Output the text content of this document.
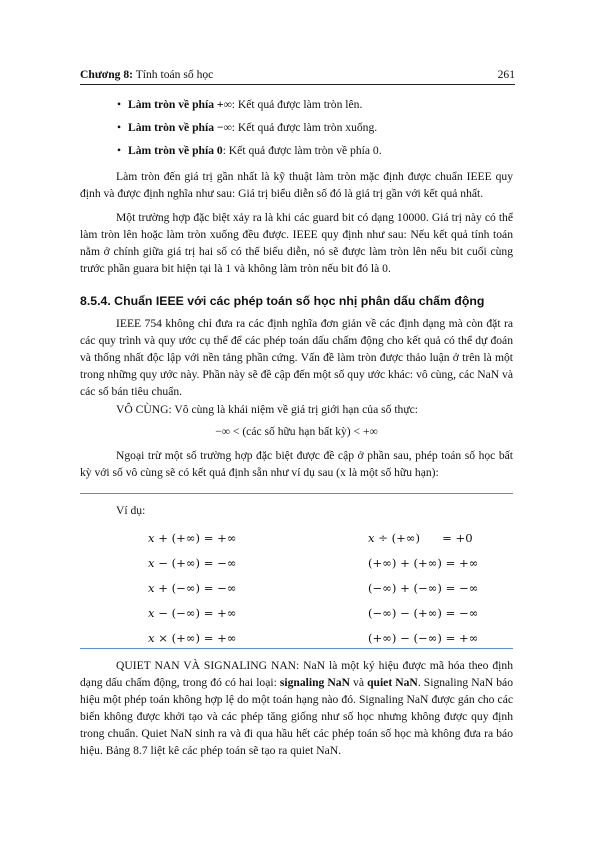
Chương 8: Tính toán số học	261
• Làm tròn về phía +∞: Kết quả được làm tròn lên.
• Làm tròn về phía −∞: Kết quả được làm tròn xuống.
• Làm tròn về phía 0: Kết quả được làm tròn về phía 0.

Làm tròn đến giá trị gần nhất là kỹ thuật làm tròn mặc định được chuẩn IEEE quy định và được định nghĩa như sau: Giá trị biểu diễn số đó là giá trị gần với kết quả nhất.

Một trường hợp đặc biệt xảy ra là khi các guard bit có dạng 10000. Giá trị này có thể làm tròn lên hoặc làm tròn xuống đều được. IEEE quy định như sau: Nếu kết quả tính toán nằm ở chính giữa giá trị hai số có thể biểu diễn, nó sẽ được làm tròn lên nếu bit cuối cùng trước phần guara bit hiện tại là 1 và không làm tròn nếu bit đó là 0.

8.5.4. Chuẩn IEEE với các phép toán số học nhị phân dấu chấm động

IEEE 754 không chỉ đưa ra các định nghĩa đơn giản về các định dạng mà còn đặt ra các quy trình và quy ước cụ thể để các phép toán dấu chấm động cho kết quả có thể dự đoán và thống nhất độc lập với nền tảng phần cứng. Vấn đề làm tròn được thảo luận ở trên là một trong những quy ước này. Phần này sẽ đề cập đến một số quy ước khác: vô cùng, các NaN và các số bán tiêu chuẩn.

VÔ CÙNG: Vô cùng là khái niệm về giá trị giới hạn của số thực:

−∞ < (các số hữu hạn bất kỳ) < +∞

Ngoại trừ một số trường hợp đặc biệt được đề cập ở phần sau, phép toán số học bất kỳ với số vô cùng sẽ có kết quả định sẵn như ví dụ sau (x là một số hữu hạn):

Ví dụ:
x + (+∞) = +∞
x − (+∞) = −∞
x + (−∞) = −∞
x − (−∞) = +∞
x × (+∞) = +∞
x ÷ (+∞)      = +0
(+∞) + (+∞) = +∞
(−∞) + (−∞) = −∞
(−∞) − (+∞) = −∞
(+∞) − (−∞) = +∞

QUIET NAN VÀ SIGNALING NAN: NaN là một ký hiệu được mã hóa theo định dạng dấu chấm động, trong đó có hai loại: signaling NaN và quiet NaN. Signaling NaN báo hiệu một phép toán không hợp lệ do một toán hạng nào đó. Signaling NaN được gán cho các biến không được khởi tạo và các phép tăng giống như số học nhưng không được quy định trong chuẩn. Quiet NaN sinh ra và đi qua hầu hết các phép toán số học mà không đưa ra báo hiệu. Bảng 8.7 liệt kê các phép toán sẽ tạo ra quiet NaN.
